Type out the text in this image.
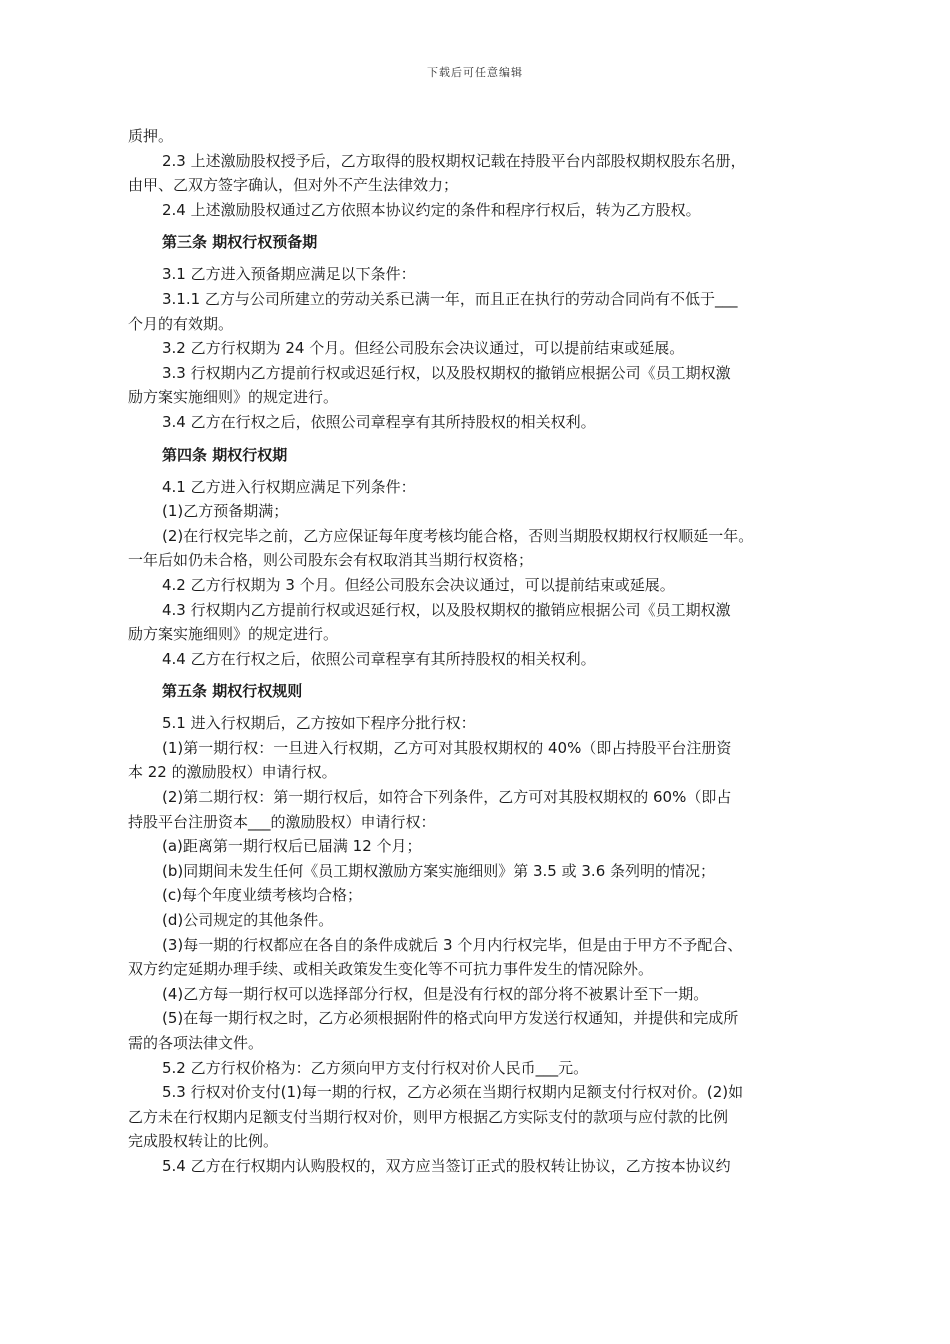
下载后可任意编辑
质押。
2.3 上述激励股权授予后，乙方取得的股权期权记载在持股平台内部股权期权股东名册，
由甲、乙双方签字确认，但对外不产生法律效力；
2.4 上述激励股权通过乙方依照本协议约定的条件和程序行权后，转为乙方股权。
第三条 期权行权预备期
3.1 乙方进入预备期应满足以下条件：
3.1.1 乙方与公司所建立的劳动关系已满一年，而且正在执行的劳动合同尚有不低于___
个月的有效期。
3.2 乙方行权期为 24 个月。但经公司股东会决议通过，可以提前结束或延展。
3.3 行权期内乙方提前行权或迟延行权，以及股权期权的撤销应根据公司《员工期权激
励方案实施细则》的规定进行。
3.4 乙方在行权之后，依照公司章程享有其所持股权的相关权利。
第四条 期权行权期
4.1 乙方进入行权期应满足下列条件：
(1)乙方预备期满；
(2)在行权完毕之前，乙方应保证每年度考核均能合格，否则当期股权期权行权顺延一年。
一年后如仍未合格，则公司股东会有权取消其当期行权资格；
4.2 乙方行权期为 3 个月。但经公司股东会决议通过，可以提前结束或延展。
4.3 行权期内乙方提前行权或迟延行权，以及股权期权的撤销应根据公司《员工期权激
励方案实施细则》的规定进行。
4.4 乙方在行权之后，依照公司章程享有其所持股权的相关权利。
第五条 期权行权规则
5.1 进入行权期后，乙方按如下程序分批行权：
(1)第一期行权：一旦进入行权期，乙方可对其股权期权的 40%（即占持股平台注册资
本 22 的激励股权）申请行权。
(2)第二期行权：第一期行权后，如符合下列条件，乙方可对其股权期权的 60%（即占
持股平台注册资本___的激励股权）申请行权：
(a)距离第一期行权后已届满 12 个月；
(b)同期间未发生任何《员工期权激励方案实施细则》第 3.5 或 3.6 条列明的情况；
(c)每个年度业绩考核均合格；
(d)公司规定的其他条件。
(3)每一期的行权都应在各自的条件成就后 3 个月内行权完毕，但是由于甲方不予配合、
双方约定延期办理手续、或相关政策发生变化等不可抗力事件发生的情况除外。
(4)乙方每一期行权可以选择部分行权，但是没有行权的部分将不被累计至下一期。
(5)在每一期行权之时，乙方必须根据附件的格式向甲方发送行权通知，并提供和完成所
需的各项法律文件。
5.2 乙方行权价格为：乙方须向甲方支付行权对价人民币___元。
5.3 行权对价支付(1)每一期的行权，乙方必须在当期行权期内足额支付行权对价。(2)如
乙方未在行权期内足额支付当期行权对价，则甲方根据乙方实际支付的款项与应付款的比例
完成股权转让的比例。
5.4 乙方在行权期内认购股权的，双方应当签订正式的股权转让协议，乙方按本协议约
